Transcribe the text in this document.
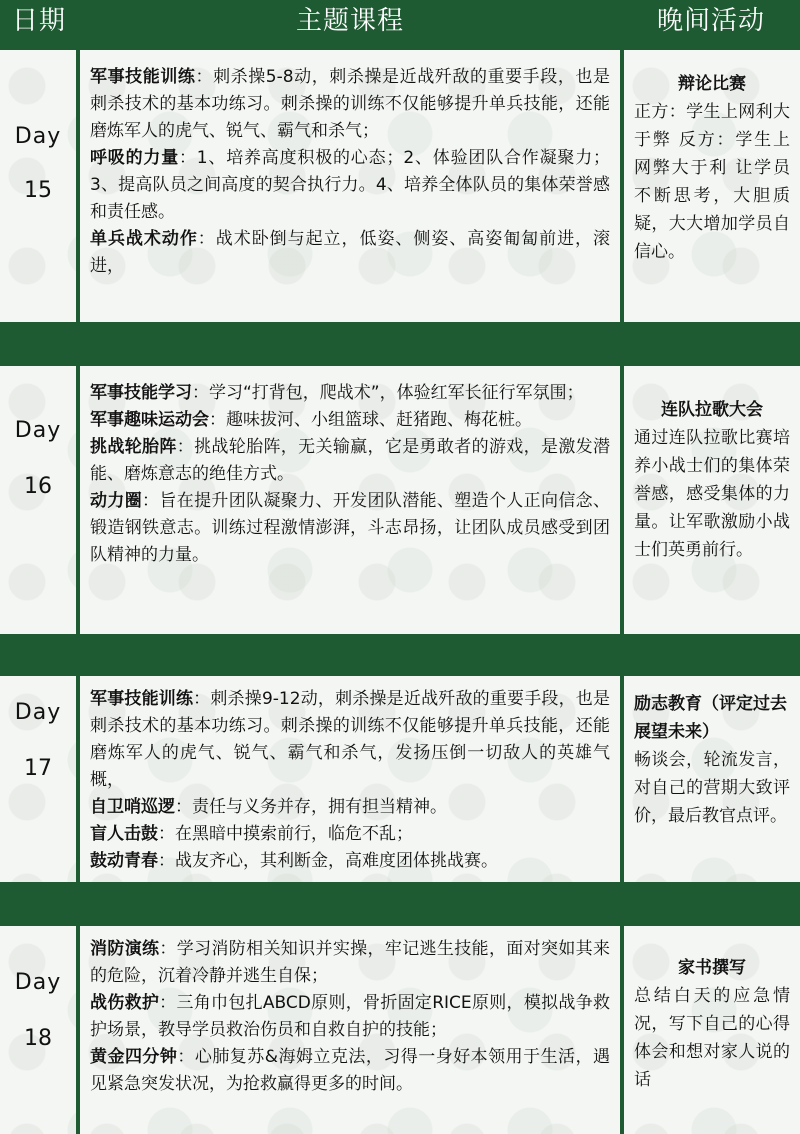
日期	主题课程	晚间活动
Day
15

军事技能训练：刺杀操5-8动，刺杀操是近战歼敌的重要手段，也是刺杀技术的基本功练习。刺杀操的训练不仅能够提升单兵技能，还能磨炼军人的虎气、锐气、霸气和杀气；

呼吸的力量：1、培养高度积极的心态；2、体验团队合作凝聚力；3、提高队员之间高度的契合执行力。4、培养全体队员的集体荣誉感和责任感。

单兵战术动作：战术卧倒与起立，低姿、侧姿、高姿匍匐前进，滚进，

辩论比赛

正方：学生上网利大于弊 反方：学生上网弊大于利 让学员不断思考，大胆质疑，大大增加学员自信心。

Day
16

军事技能学习：学习“打背包，爬战术”，体验红军长征行军氛围；

军事趣味运动会：趣味拔河、小组篮球、赶猪跑、梅花桩。

挑战轮胎阵：挑战轮胎阵，无关输赢，它是勇敢者的游戏，是激发潜能、磨炼意志的绝佳方式。

动力圈：旨在提升团队凝聚力、开发团队潜能、塑造个人正向信念、锻造钢铁意志。训练过程激情澎湃，斗志昂扬，让团队成员感受到团队精神的力量。

连队拉歌大会

通过连队拉歌比赛培养小战士们的集体荣誉感，感受集体的力量。让军歌激励小战士们英勇前行。

Day
17

军事技能训练：刺杀操9-12动，刺杀操是近战歼敌的重要手段，也是刺杀技术的基本功练习。刺杀操的训练不仅能够提升单兵技能，还能磨炼军人的虎气、锐气、霸气和杀气，发扬压倒一切敌人的英雄气概，

自卫哨巡逻：责任与义务并存，拥有担当精神。

盲人击鼓：在黑暗中摸索前行，临危不乱；

鼓动青春：战友齐心，其利断金，高难度团体挑战赛。

励志教育（评定过去展望未来）

畅谈会，轮流发言，对自己的营期大致评价，最后教官点评。

Day
18

消防演练：学习消防相关知识并实操，牢记逃生技能，面对突如其来的危险，沉着冷静并逃生自保；

战伤救护：三角巾包扎ABCD原则，骨折固定RICE原则，模拟战争救护场景，教导学员救治伤员和自救自护的技能；

黄金四分钟：心肺复苏&海姆立克法，习得一身好本领用于生活，遇见紧急突发状况，为抢救赢得更多的时间。

家书撰写

总结白天的应急情况，写下自己的心得体会和想对家人说的话
